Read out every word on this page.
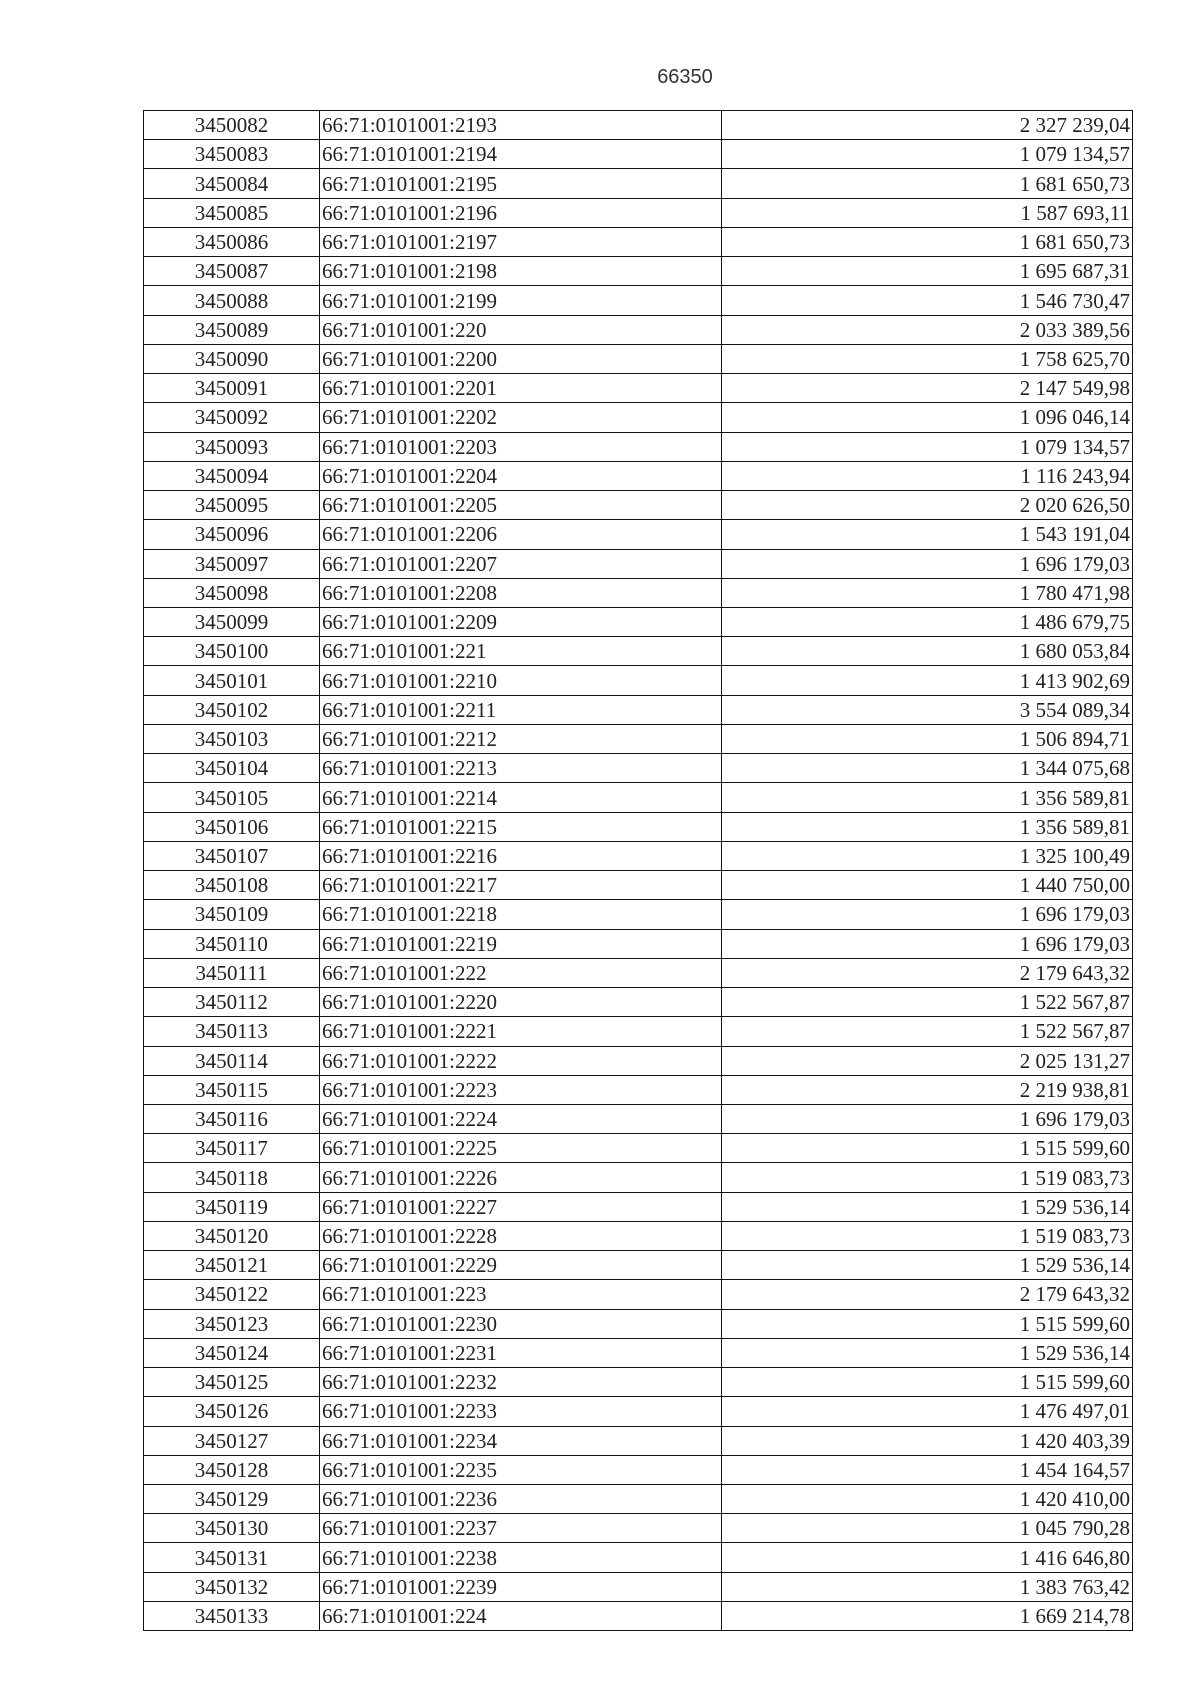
66350
3450082	66:71:0101001:2193	2 327 239,04
3450083	66:71:0101001:2194	1 079 134,57
3450084	66:71:0101001:2195	1 681 650,73
3450085	66:71:0101001:2196	1 587 693,11
3450086	66:71:0101001:2197	1 681 650,73
3450087	66:71:0101001:2198	1 695 687,31
3450088	66:71:0101001:2199	1 546 730,47
3450089	66:71:0101001:220	2 033 389,56
3450090	66:71:0101001:2200	1 758 625,70
3450091	66:71:0101001:2201	2 147 549,98
3450092	66:71:0101001:2202	1 096 046,14
3450093	66:71:0101001:2203	1 079 134,57
3450094	66:71:0101001:2204	1 116 243,94
3450095	66:71:0101001:2205	2 020 626,50
3450096	66:71:0101001:2206	1 543 191,04
3450097	66:71:0101001:2207	1 696 179,03
3450098	66:71:0101001:2208	1 780 471,98
3450099	66:71:0101001:2209	1 486 679,75
3450100	66:71:0101001:221	1 680 053,84
3450101	66:71:0101001:2210	1 413 902,69
3450102	66:71:0101001:2211	3 554 089,34
3450103	66:71:0101001:2212	1 506 894,71
3450104	66:71:0101001:2213	1 344 075,68
3450105	66:71:0101001:2214	1 356 589,81
3450106	66:71:0101001:2215	1 356 589,81
3450107	66:71:0101001:2216	1 325 100,49
3450108	66:71:0101001:2217	1 440 750,00
3450109	66:71:0101001:2218	1 696 179,03
3450110	66:71:0101001:2219	1 696 179,03
3450111	66:71:0101001:222	2 179 643,32
3450112	66:71:0101001:2220	1 522 567,87
3450113	66:71:0101001:2221	1 522 567,87
3450114	66:71:0101001:2222	2 025 131,27
3450115	66:71:0101001:2223	2 219 938,81
3450116	66:71:0101001:2224	1 696 179,03
3450117	66:71:0101001:2225	1 515 599,60
3450118	66:71:0101001:2226	1 519 083,73
3450119	66:71:0101001:2227	1 529 536,14
3450120	66:71:0101001:2228	1 519 083,73
3450121	66:71:0101001:2229	1 529 536,14
3450122	66:71:0101001:223	2 179 643,32
3450123	66:71:0101001:2230	1 515 599,60
3450124	66:71:0101001:2231	1 529 536,14
3450125	66:71:0101001:2232	1 515 599,60
3450126	66:71:0101001:2233	1 476 497,01
3450127	66:71:0101001:2234	1 420 403,39
3450128	66:71:0101001:2235	1 454 164,57
3450129	66:71:0101001:2236	1 420 410,00
3450130	66:71:0101001:2237	1 045 790,28
3450131	66:71:0101001:2238	1 416 646,80
3450132	66:71:0101001:2239	1 383 763,42
3450133	66:71:0101001:224	1 669 214,78
